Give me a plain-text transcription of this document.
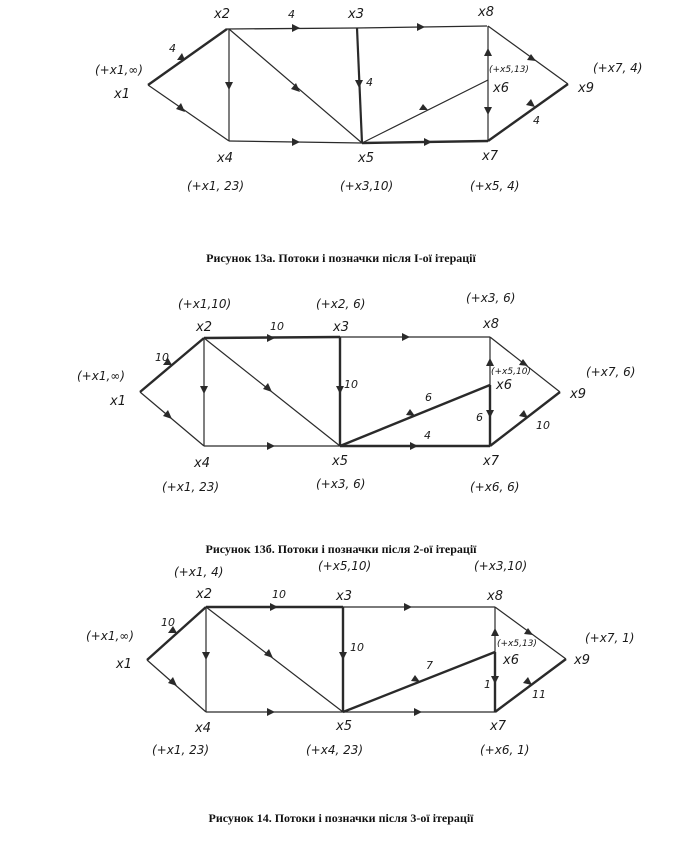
x1
x2	x3	x8
x6	x9
x4	x5	x7
(+x1,∞)	(+x5,13)	(+x7, 4)
(+x1, 23)	(+x3,10)	(+x5, 4)
4
4
4
4
Рисунок 13а. Потоки і позначки після I-ої ітерації
x1
x2	x3	x8
x6
x9
x4	x5	x7
(+x1,∞)
(+x1,10)	(+x2, 6)	(+x3, 6)
(+x5,10)	(+x7, 6)
(+x1, 23)	(+x3, 6)	(+x6, 6)
10
10
10
6
4
6
10
Рисунок 13б. Потоки і позначки після 2-ої ітерації
x1
x2	x3	x8
x6	x9
x4	x5	x7
(+x1, 4)	(+x5,10)	(+x3,10)
(+x1,∞)
(+x5,13)	(+x7, 1)
(+x1, 23)	(+x4, 23)	(+x6, 1)
10
10
10
7
1
11
Рисунок 14. Потоки і позначки після 3-ої ітерації
